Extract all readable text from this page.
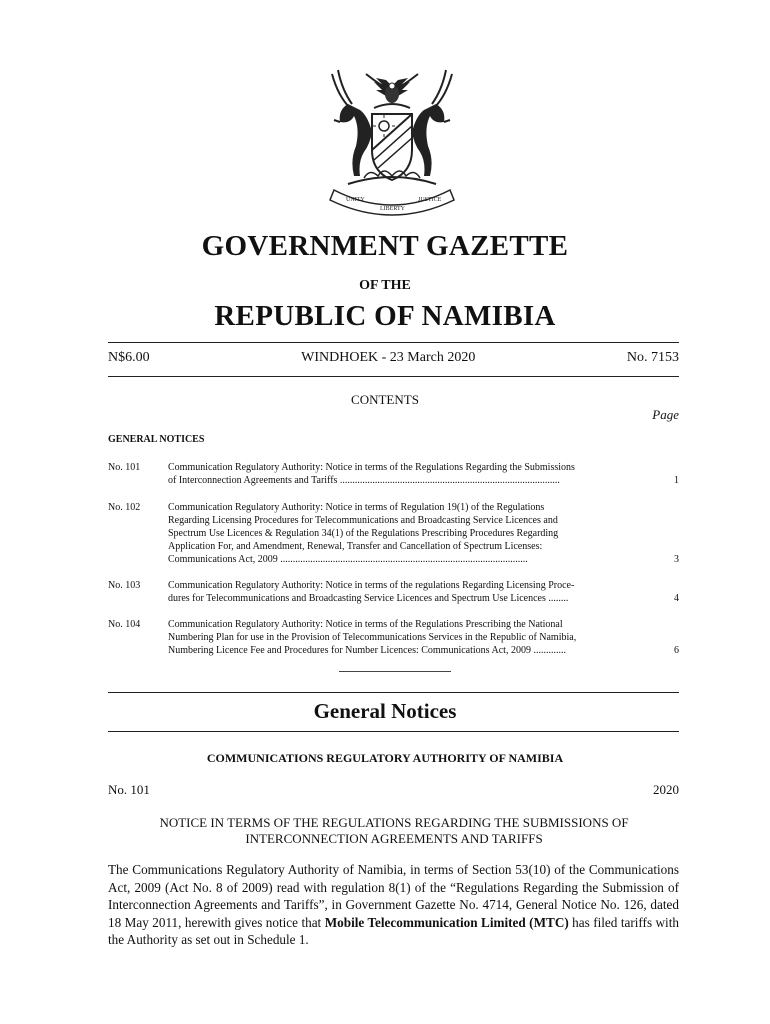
UNITY
LIBERTY
JUSTICE
GOVERNMENT GAZETTE
OF THE
REPUBLIC OF NAMIBIA
N$6.00	WINDHOEK - 23 March 2020	No. 7153
CONTENTS
Page
GENERAL NOTICES
No. 101	Communication Regulatory Authority: Notice in terms of the Regulations Regarding the Submissions
of Interconnection Agreements and Tariffs ........................................................................................	1
No. 102	Communication Regulatory Authority: Notice in terms of Regulation 19(1) of the Regulations
Regarding Licensing Procedures for Telecommunications and Broadcasting Service Licences and
Spectrum Use Licences & Regulation 34(1) of the Regulations Prescribing Procedures Regarding
Application For, and Amendment, Renewal, Transfer and Cancellation of Spectrum Licenses:
Communications Act, 2009 ...................................................................................................	3
No. 103	Communication Regulatory Authority: Notice in terms of the regulations Regarding Licensing Proce-
dures for Telecommunications and Broadcasting Service Licences and Spectrum Use Licences ........	4
No. 104	Communication Regulatory Authority: Notice in terms of the Regulations Prescribing the National
Numbering Plan for use in the Provision of Telecommunications Services in the Republic of Namibia,
Numbering Licence Fee and Procedures for Number Licences: Communications Act, 2009 .............	6
General Notices
COMMUNICATIONS REGULATORY AUTHORITY OF NAMIBIA
No. 101	2020
NOTICE IN TERMS OF THE REGULATIONS REGARDING THE SUBMISSIONS OF
INTERCONNECTION AGREEMENTS AND TARIFFS
The Communications Regulatory Authority of Namibia, in terms of Section 53(10) of the Communications Act, 2009 (Act No. 8 of 2009) read with regulation 8(1) of the “Regulations Regarding the Submission of Interconnection Agreements and Tariffs”, in Government Gazette No. 4714, General Notice No. 126, dated 18 May 2011, herewith gives notice that Mobile Telecommunication Limited (MTC) has filed tariffs with the Authority as set out in Schedule 1.
